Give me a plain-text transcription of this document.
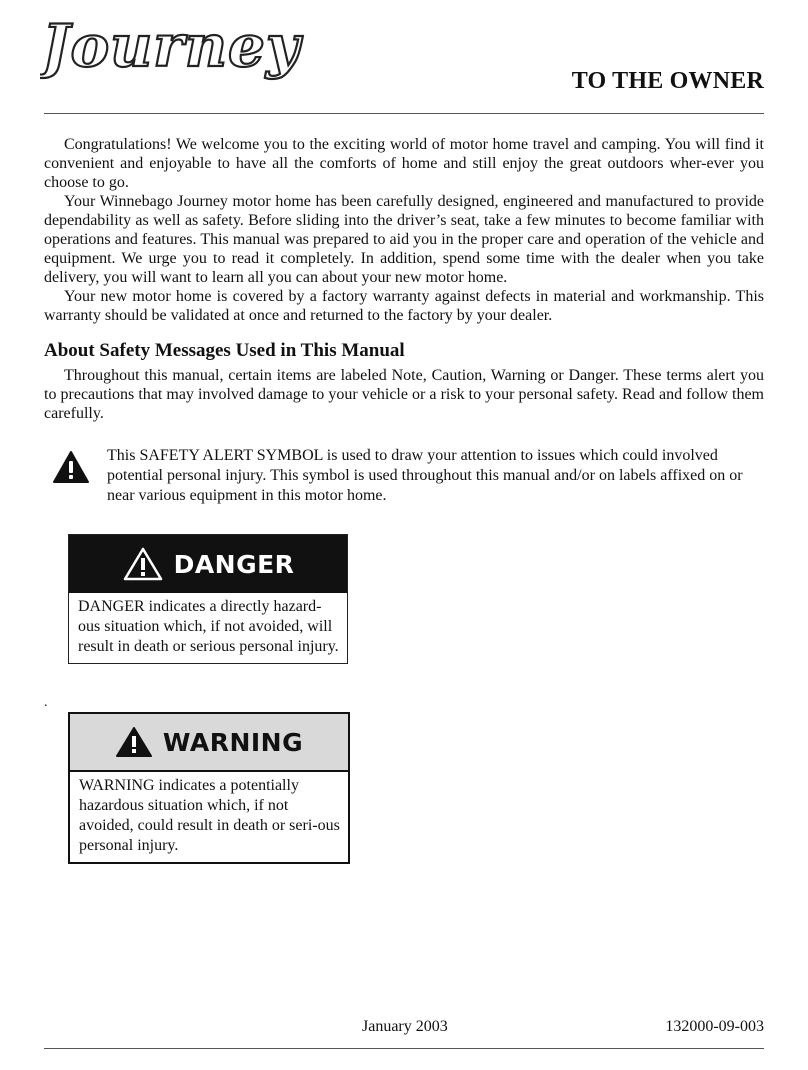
Journey
TO THE OWNER

Congratulations! We welcome you to the exciting world of motor home travel and camping. You will find it convenient and enjoyable to have all the comforts of home and still enjoy the great outdoors wher-ever you choose to go.

Your Winnebago Journey motor home has been carefully designed, engineered and manufactured to provide dependability as well as safety. Before sliding into the driver’s seat, take a few minutes to become familiar with operations and features. This manual was prepared to aid you in the proper care and operation of the vehicle and equipment. We urge you to read it completely. In addition, spend some time with the dealer when you take delivery, you will want to learn all you can about your new motor home.

Your new motor home is covered by a factory warranty against defects in material and workmanship. This warranty should be validated at once and returned to the factory by your dealer.

About Safety Messages Used in This Manual

Throughout this manual, certain items are labeled Note, Caution, Warning or Danger. These terms alert you to precautions that may involved damage to your vehicle or a risk to your personal safety. Read and follow them carefully.

This SAFETY ALERT SYMBOL is used to draw your attention to issues which could involved potential personal injury. This symbol is used throughout this manual and/or on labels affixed on or near various equipment in this motor home.
DANGER
DANGER indicates a directly hazard-ous situation which, if not avoided, will result in death or serious personal injury.
.
WARNING
WARNING indicates a potentially hazardous situation which, if not avoided, could result in death or seri-ous personal injury.
January 2003	132000-09-003
